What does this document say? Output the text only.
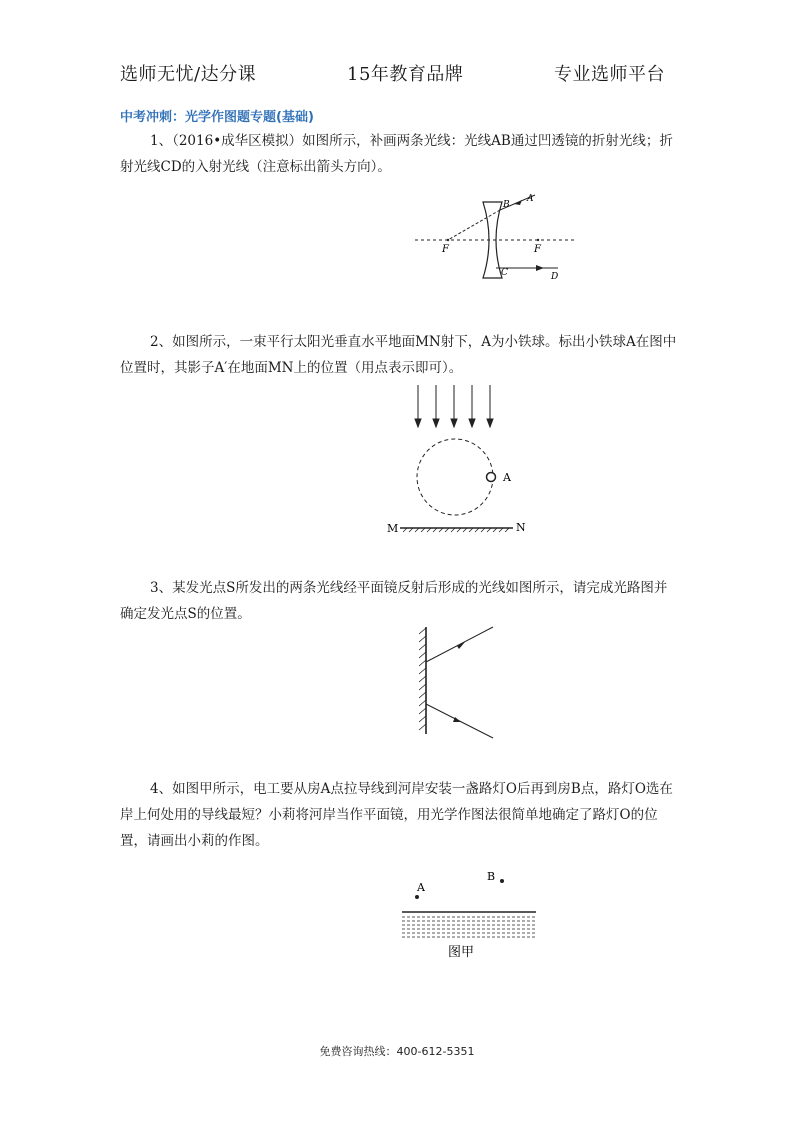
选师无忧/达分课	15年教育品牌	专业选师平台
中考冲刺：光学作图题专题(基础)

1、（2016•成华区模拟）如图所示，补画两条光线：光线AB通过凹透镜的折射光线；折射光线CD的入射光线（注意标出箭头方向）。

A
B
F	F
C	D

2、如图所示，一束平行太阳光垂直水平地面MN射下，A为小铁球。标出小铁球A在图中位置时，其影子A′在地面MN上的位置（用点表示即可）。

A
M	N

3、某发光点S所发出的两条光线经平面镜反射后形成的光线如图所示，请完成光路图并确定发光点S的位置。

4、如图甲所示，电工要从房A点拉导线到河岸安装一盏路灯O后再到房B点，路灯O选在岸上何处用的导线最短？小莉将河岸当作平面镜，用光学作图法很简单地确定了路灯O的位置，请画出小莉的作图。

B
A
图甲
免费咨询热线：400-612-5351
